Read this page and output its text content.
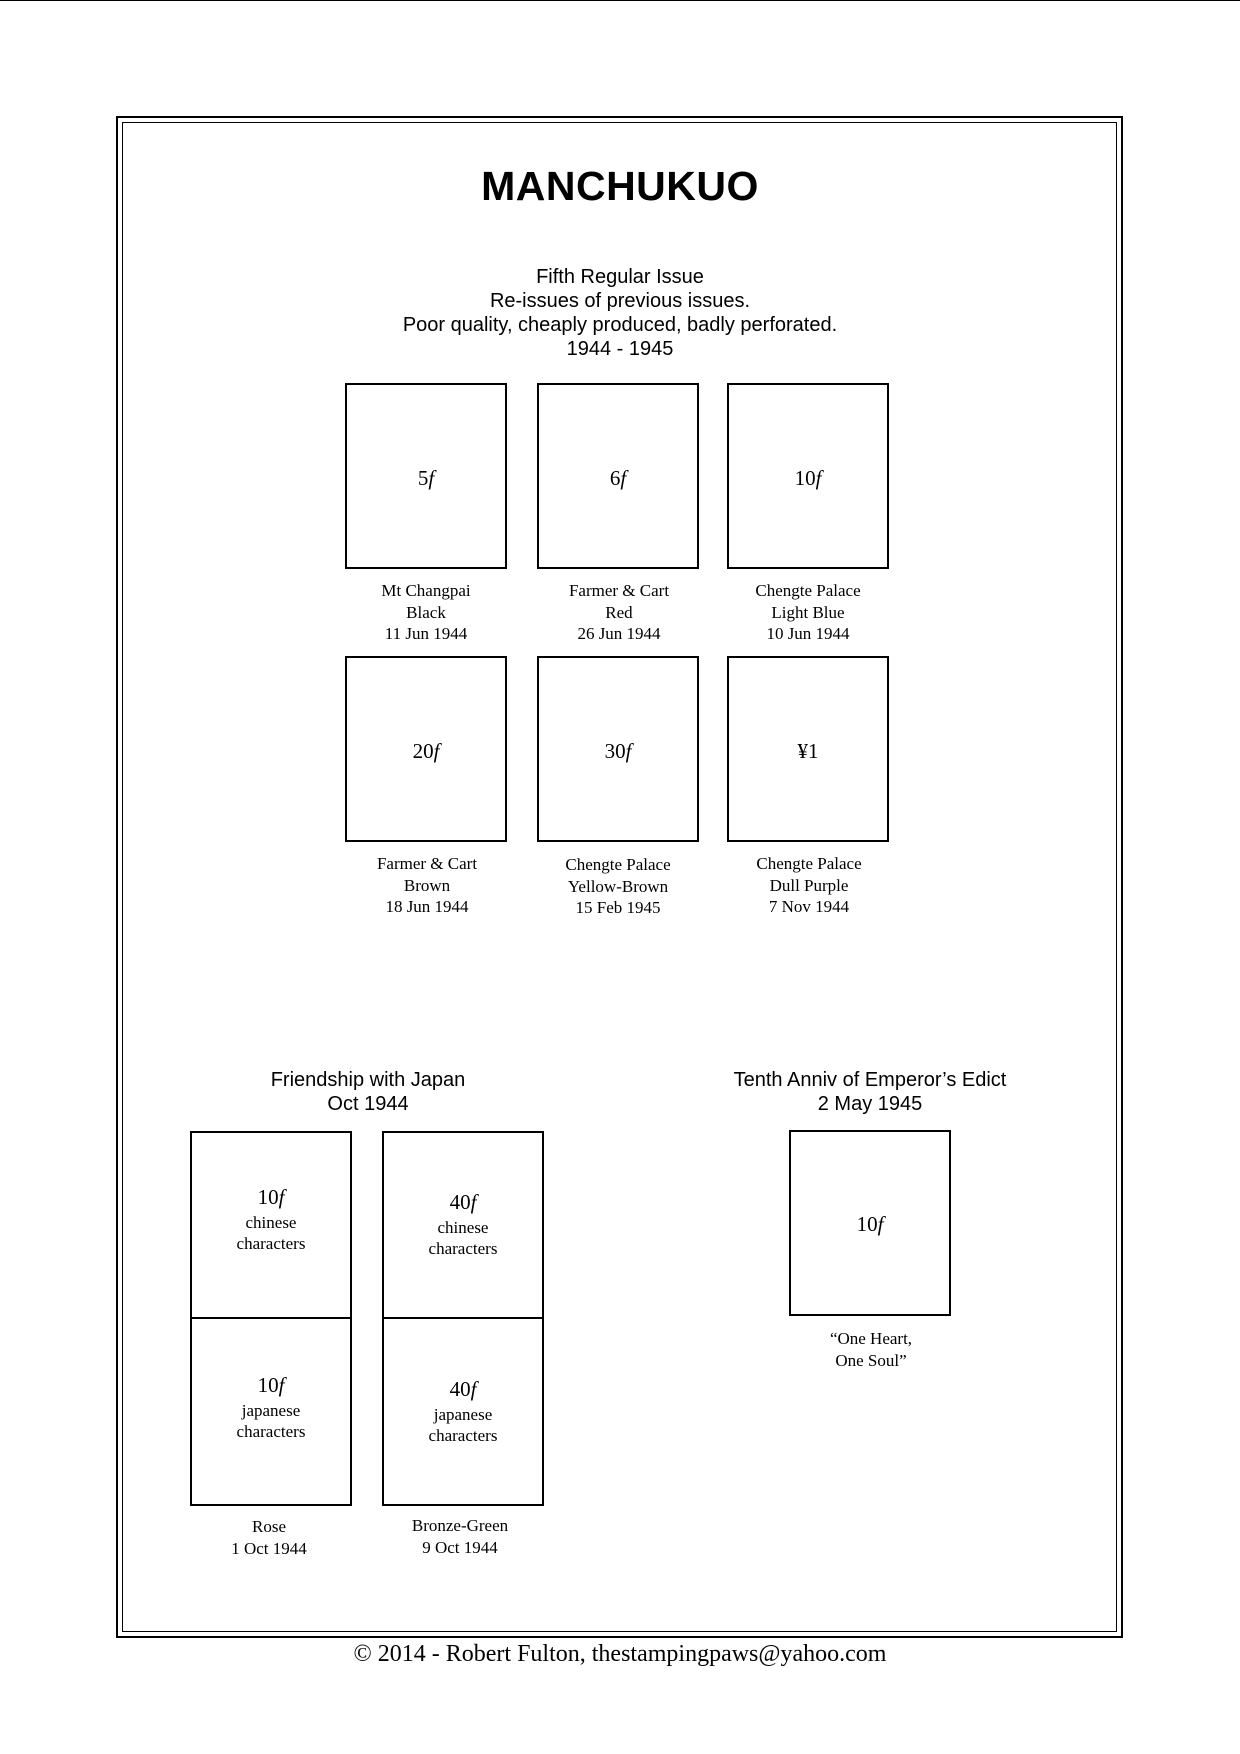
MANCHUKUO
Fifth Regular Issue
Re-issues of previous issues.
Poor quality, cheaply produced, badly perforated.
1944 - 1945
5f
Mt Changpai
Black
11 Jun 1944
6f
Farmer & Cart
Red
26 Jun 1944
10f
Chengte Palace
Light Blue
10 Jun 1944
20f
Farmer & Cart
Brown
18 Jun 1944
30f
Chengte Palace
Yellow-Brown
15 Feb 1945
¥1
Chengte Palace
Dull Purple
7 Nov 1944
Friendship with Japan
Oct 1944
10f
chinese
characters
10f
japanese
characters
Rose
1 Oct 1944
40f
chinese
characters
40f
japanese
characters
Bronze-Green
9 Oct 1944
Tenth Anniv of Emperor’s Edict
2 May 1945
10f
“One Heart,
One Soul”
© 2014 - Robert Fulton, thestampingpaws@yahoo.com
